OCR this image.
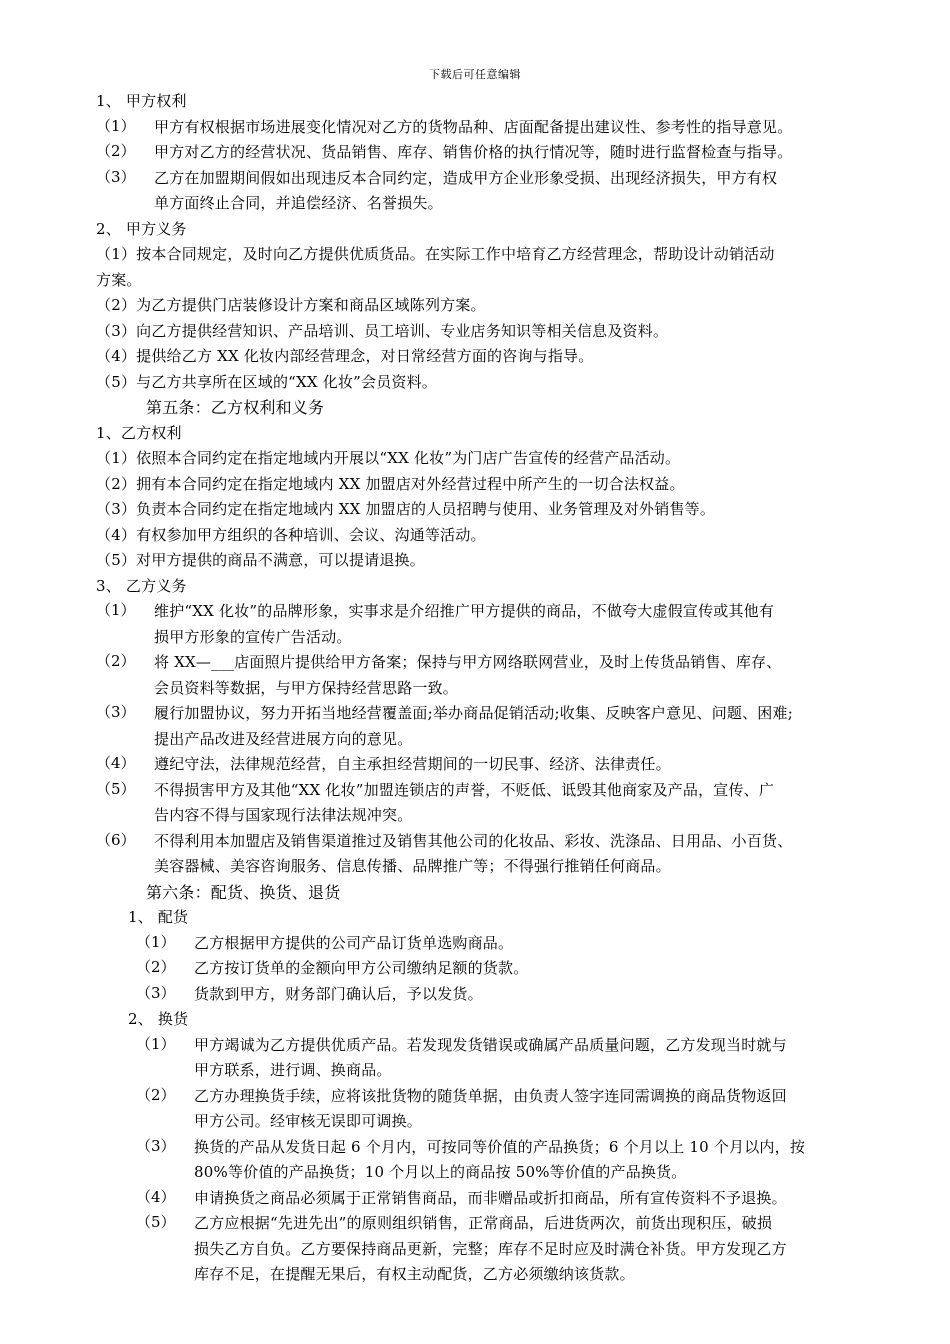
下载后可任意编辑
1、 甲方权利
（1）	甲方有权根据市场进展变化情况对乙方的货物品种、店面配备提出建议性、参考性的指导意见。
（2）	甲方对乙方的经营状况、货品销售、库存、销售价格的执行情况等，随时进行监督检查与指导。
（3）	乙方在加盟期间假如出现违反本合同约定，造成甲方企业形象受损、出现经济损失，甲方有权
单方面终止合同，并追偿经济、名誉损失。
2、 甲方义务
（1）按本合同规定，及时向乙方提供优质货品。在实际工作中培育乙方经营理念，帮助设计动销活动
方案。
（2）为乙方提供门店装修设计方案和商品区域陈列方案。
（3）向乙方提供经营知识、产品培训、员工培训、专业店务知识等相关信息及资料。
（4）提供给乙方 XX 化妆内部经营理念，对日常经营方面的咨询与指导。
（5）与乙方共享所在区域的“XX 化妆”会员资料。
第五条：乙方权利和义务
1、乙方权利
（1）依照本合同约定在指定地域内开展以“XX 化妆”为门店广告宣传的经营产品活动。
（2）拥有本合同约定在指定地域内 XX 加盟店对外经营过程中所产生的一切合法权益。
（3）负责本合同约定在指定地域内 XX 加盟店的人员招聘与使用、业务管理及对外销售等。
（4）有权参加甲方组织的各种培训、会议、沟通等活动。
（5）对甲方提供的商品不满意，可以提请退换。
3、 乙方义务
（1）	维护“XX 化妆”的品牌形象，实事求是介绍推广甲方提供的商品，不做夸大虚假宣传或其他有
损甲方形象的宣传广告活动。
（2）	将 XX—___店面照片提供给甲方备案；保持与甲方网络联网营业，及时上传货品销售、库存、
会员资料等数据，与甲方保持经营思路一致。
（3）	履行加盟协议，努力开拓当地经营覆盖面;举办商品促销活动;收集、反映客户意见、问题、困难;
提出产品改进及经营进展方向的意见。
（4）	遵纪守法，法律规范经营，自主承担经营期间的一切民事、经济、法律责任。
（5）	不得损害甲方及其他“XX 化妆”加盟连锁店的声誉，不贬低、诋毁其他商家及产品，宣传、广
告内容不得与国家现行法律法规冲突。
（6）	不得利用本加盟店及销售渠道推过及销售其他公司的化妆品、彩妆、洗涤品、日用品、小百货、
美容器械、美容咨询服务、信息传播、品牌推广等；不得强行推销任何商品。
第六条：配货、换货、退货
1、 配货
（1）	乙方根据甲方提供的公司产品订货单选购商品。
（2）	乙方按订货单的金额向甲方公司缴纳足额的货款。
（3）	货款到甲方，财务部门确认后，予以发货。
2、 换货
（1）	甲方竭诚为乙方提供优质产品。若发现发货错误或确属产品质量问题，乙方发现当时就与
甲方联系，进行调、换商品。
（2）	乙方办理换货手续，应将该批货物的随货单据，由负责人签字连同需调换的商品货物返回
甲方公司。经审核无误即可调换。
（3）	换货的产品从发货日起 6 个月内，可按同等价值的产品换货；6 个月以上 10 个月以内，按
80%等价值的产品换货；10 个月以上的商品按 50%等价值的产品换货。
（4）	申请换货之商品必须属于正常销售商品，而非赠品或折扣商品，所有宣传资料不予退换。
（5）	乙方应根据“先进先出”的原则组织销售，正常商品，后进货两次，前货出现积压，破损
损失乙方自负。乙方要保持商品更新，完整；库存不足时应及时满仓补货。甲方发现乙方
库存不足，在提醒无果后，有权主动配货，乙方必须缴纳该货款。
